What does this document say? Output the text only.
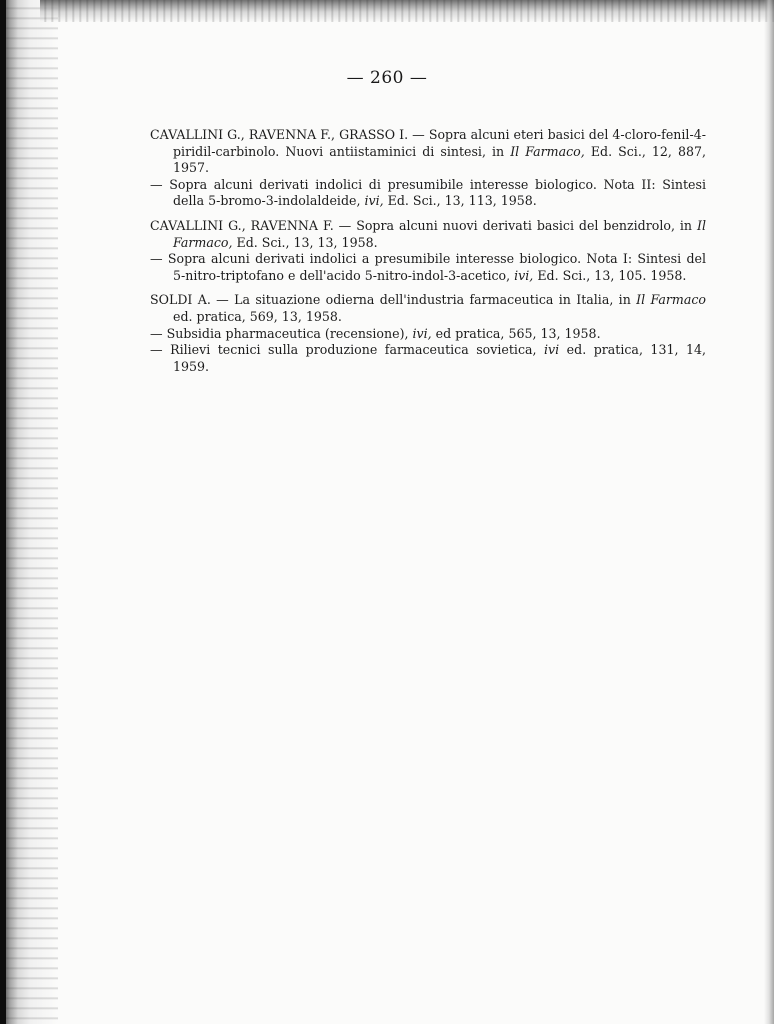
— 260 —

CAVALLINI G., RAVENNA F., GRASSO I. — Sopra alcuni eteri basici del 4-cloro-fenil-4-piridil-carbinolo. Nuovi antiistaminici di sintesi, in Il Farmaco, Ed. Sci., 12, 887, 1957.

— Sopra alcuni derivati indolici di presumibile interesse biologico. Nota II: Sintesi della 5-bromo-3-indolaldeide, ivi, Ed. Sci., 13, 113, 1958.

CAVALLINI G., RAVENNA F. — Sopra alcuni nuovi derivati basici del benzidrolo, in Il Farmaco, Ed. Sci., 13, 13, 1958.

— Sopra alcuni derivati indolici a presumibile interesse biologico. Nota I: Sintesi del 5-nitro-triptofano e dell'acido 5-nitro-indol-3-acetico, ivi, Ed. Sci., 13, 105. 1958.

SOLDI A. — La situazione odierna dell'industria farmaceutica in Italia, in Il Farmaco ed. pratica, 569, 13, 1958.

— Subsidia pharmaceutica (recensione), ivi, ed pratica, 565, 13, 1958.

— Rilievi tecnici sulla produzione farmaceutica sovietica, ivi ed. pratica, 131, 14, 1959.
